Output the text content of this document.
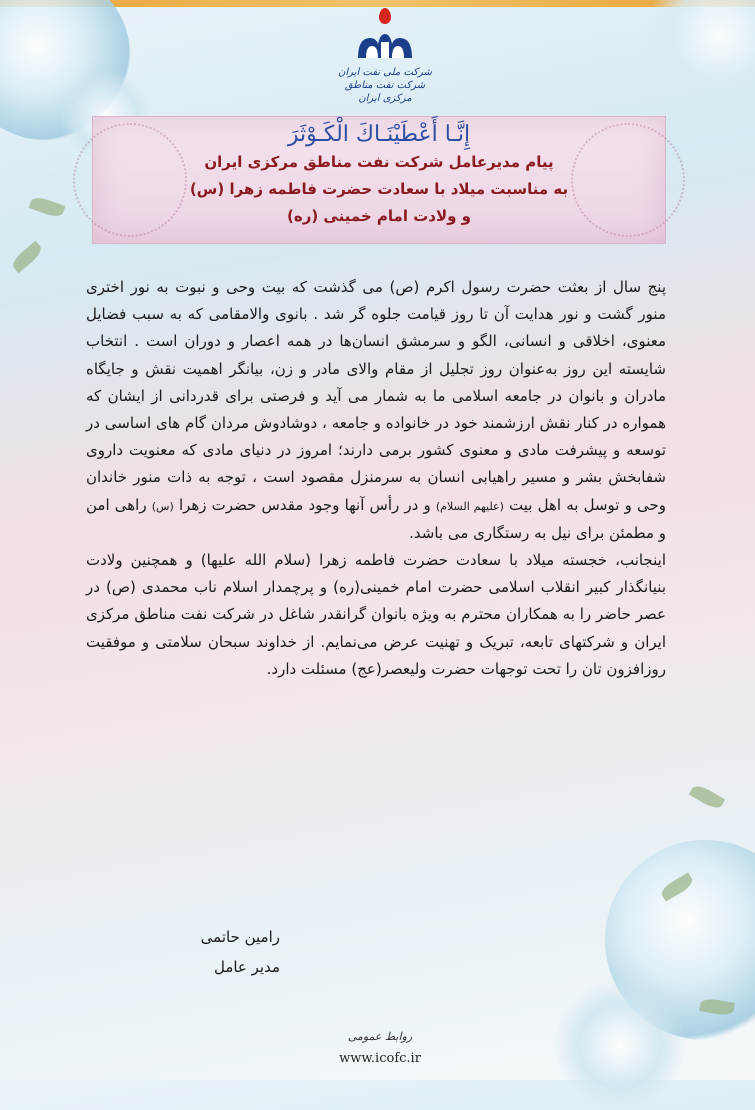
شرکت ملی نفت ایران
شرکت نفت مناطق مرکزی ایران
إِنَّـا أَعْطَيْنَـاكَ الْكَـوْثَرَ
پیام مدیرعامل شرکت نفت مناطق مرکزی ایران
به مناسبت میلاد با سعادت حضرت فاطمه زهرا (س)
و ولادت امام خمینی (ره)

پنج سال از بعثت حضرت رسول اکرم (ص) می گذشت که بیت وحی و نبوت به نور اختری منور گشت و نور هدایت آن تا روز قیامت جلوه گر شد . بانوی والامقامی که به سبب فضایل معنوی، اخلاقی و انسانی، الگو و سرمشق انسان‌ها در همه اعصار و دوران است . انتخاب شایسته این روز به‌عنوان روز تجلیل از مقام والای مادر و زن، بیانگر اهمیت نقش و جایگاه مادران و بانوان در جامعه اسلامی ما به شمار می آید و فرصتی برای قدردانی از ایشان که همواره در کنار نقش ارزشمند خود در خانواده و جامعه ، دوشادوش مردان گام های اساسی در توسعه و پیشرفت مادی و معنوی کشور برمی دارند؛ امروز در دنیای مادی که معنویت داروی شفابخش بشر و مسیر راهیابی انسان به سرمنزل مقصود است ، توجه به ذات منور خاندان وحی و توسل به اهل بیت (علیهم السلام) و در رأس آنها وجود مقدس حضرت زهرا (س) راهی امن و مطمئن برای نیل به رستگاری می باشد.

اینجانب، خجسته میلاد با سعادت حضرت فاطمه زهرا (سلام الله علیها) و همچنین ولادت بنیانگذار کبیر انقلاب اسلامی حضرت امام خمینی(ره) و پرچمدار اسلام ناب محمدی (ص) در عصر حاضر را به همکاران محترم به ویژه بانوان گرانقدر شاغل در شرکت نفت مناطق مرکزی ایران و شرکتهای تابعه، تبریک و تهنیت عرض می‌نمایم. از خداوند سبحان سلامتی و موفقیت روزافزون تان را تحت توجهات حضرت ولیعصر(عج) مسئلت دارد.

رامین حاتمی
مدیر عامل
روابط عمومی
www.icofc.ir
